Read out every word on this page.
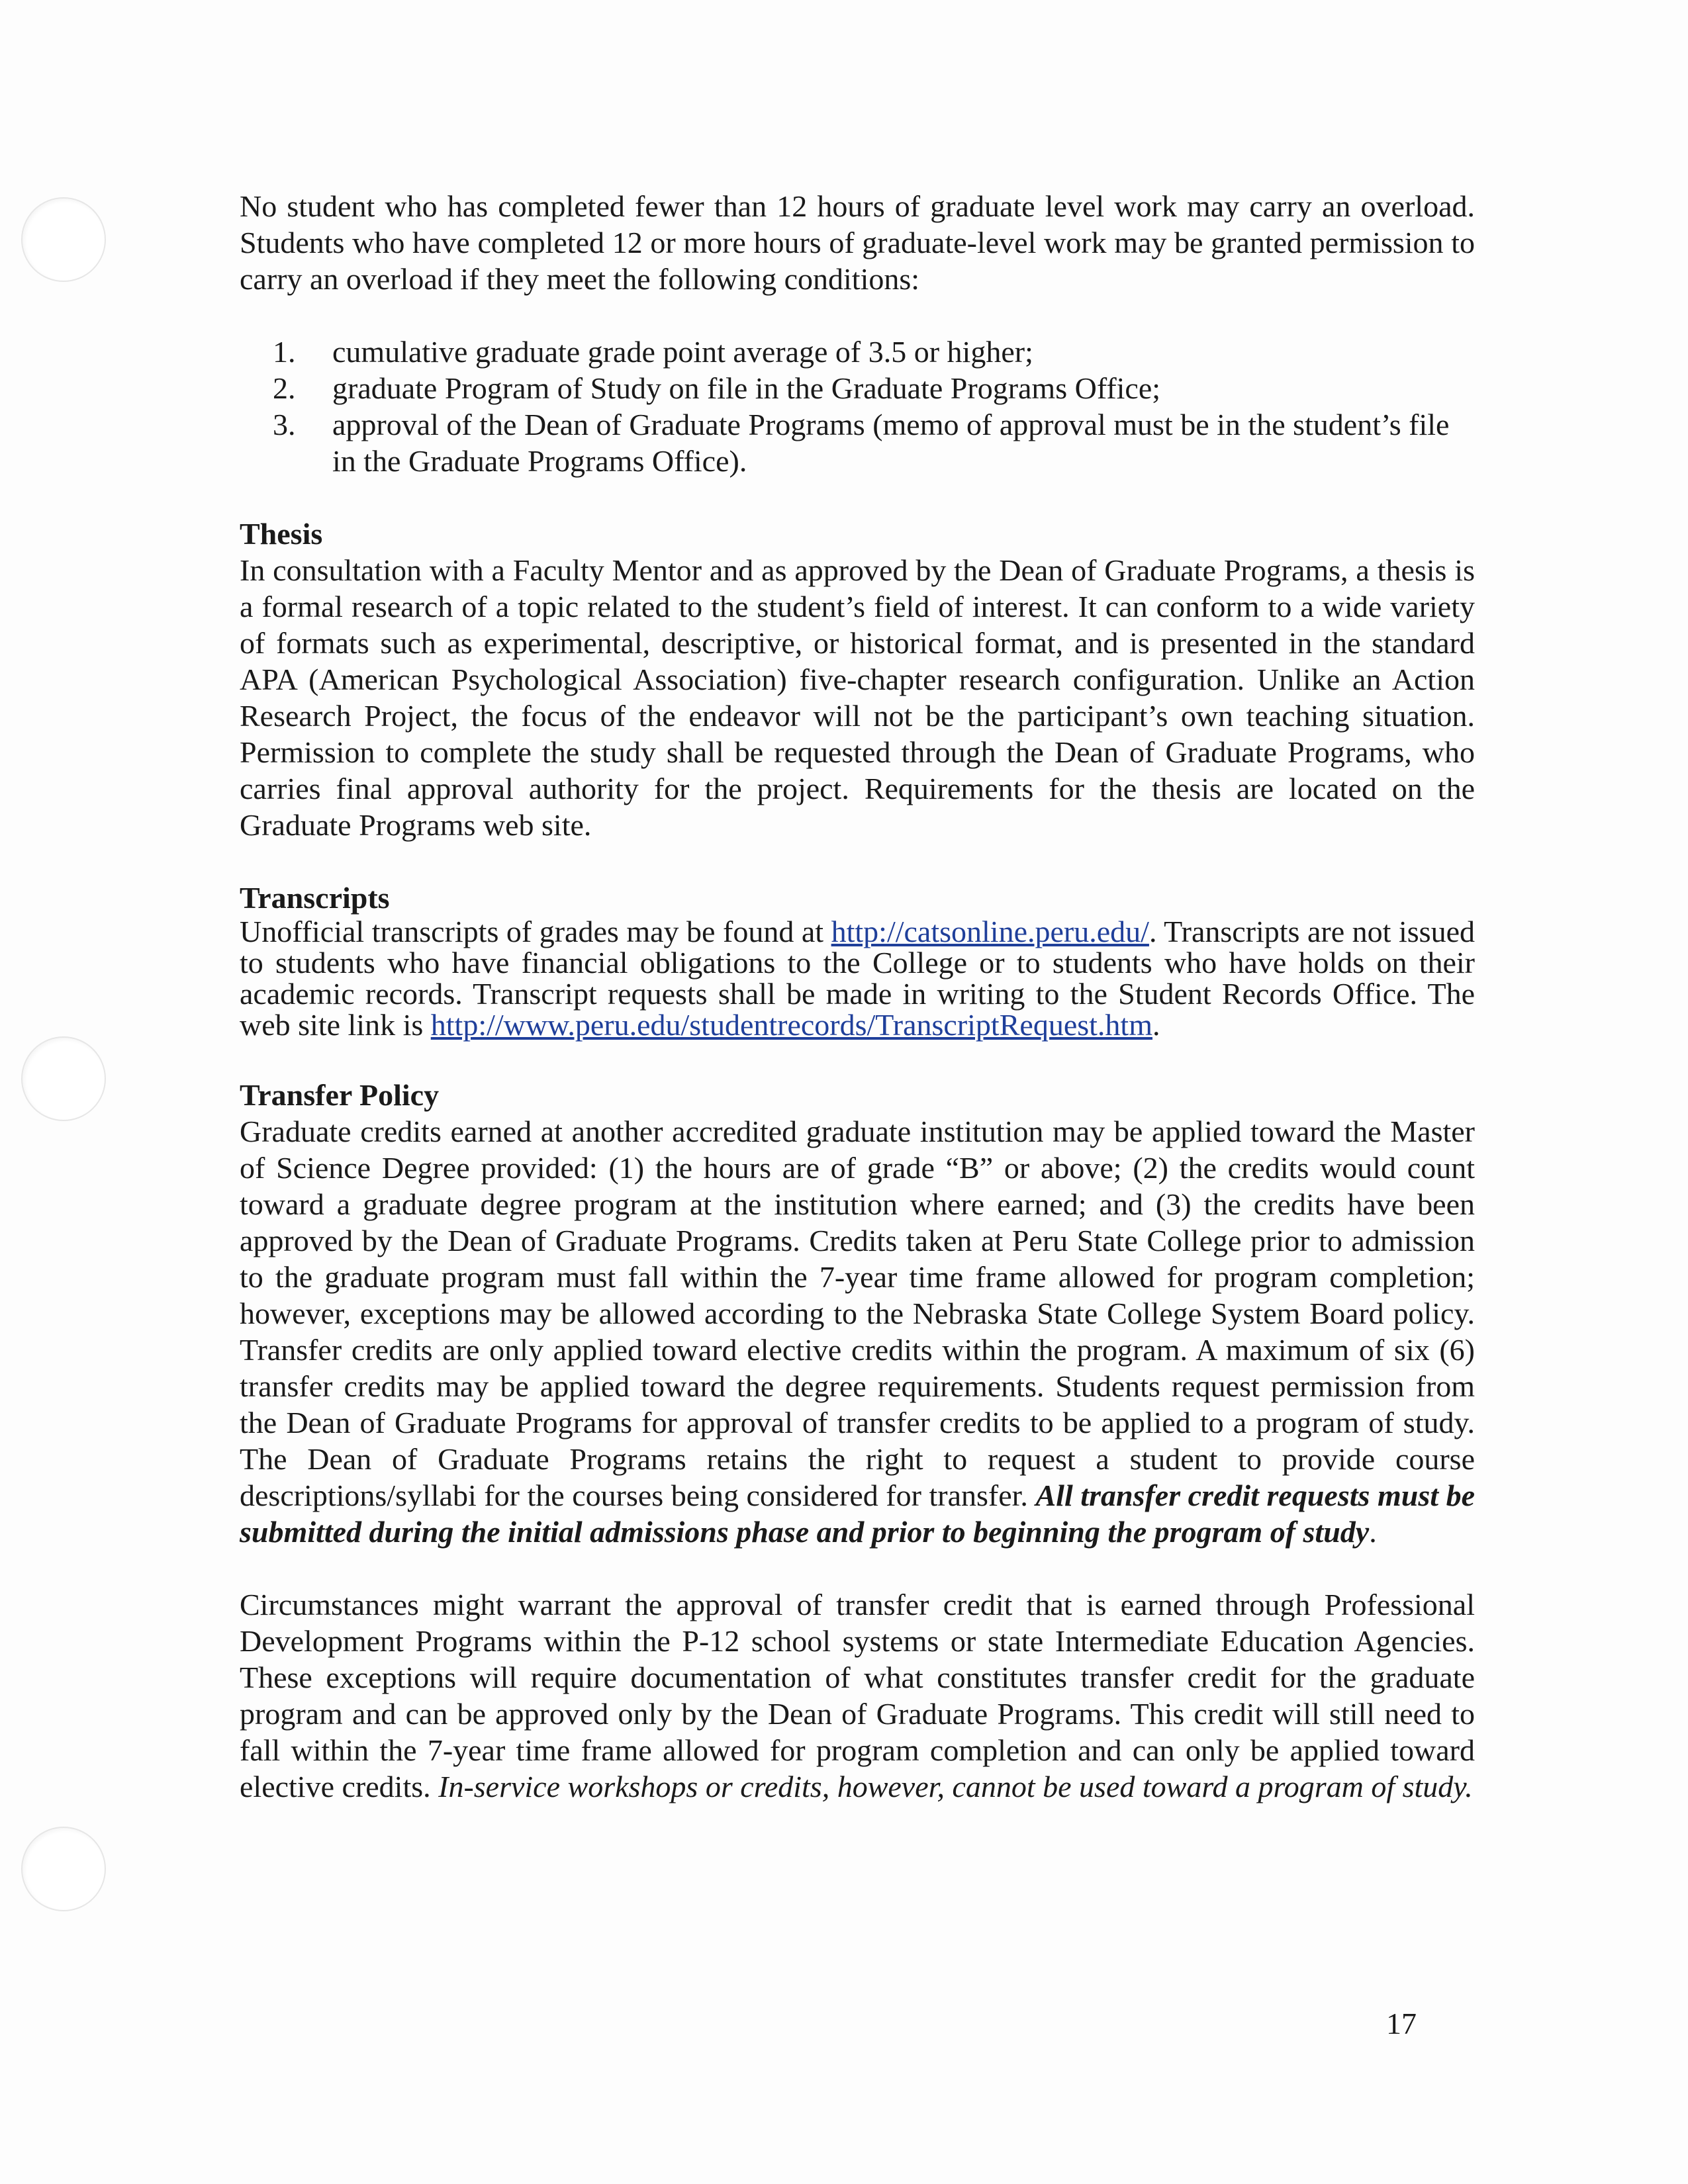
No student who has completed fewer than 12 hours of graduate level work may carry an overload. Students who have completed 12 or more hours of graduate-level work may be granted permission to carry an overload if they meet the following conditions:

1. cumulative graduate grade point average of 3.5 or higher;
2. graduate Program of Study on file in the Graduate Programs Office;
3. approval of the Dean of Graduate Programs (memo of approval must be in the student’s file in the Graduate Programs Office).
Thesis

In consultation with a Faculty Mentor and as approved by the Dean of Graduate Programs, a thesis is a formal research of a topic related to the student’s field of interest. It can conform to a wide variety of formats such as experimental, descriptive, or historical format, and is presented in the standard APA (American Psychological Association) five-chapter research configuration. Unlike an Action Research Project, the focus of the endeavor will not be the participant’s own teaching situation. Permission to complete the study shall be requested through the Dean of Graduate Programs, who carries final approval authority for the project. Requirements for the thesis are located on the Graduate Programs web site.

Transcripts

Unofficial transcripts of grades may be found at http://catsonline.peru.edu/. Transcripts are not issued to students who have financial obligations to the College or to students who have holds on their academic records. Transcript requests shall be made in writing to the Student Records Office. The web site link is http://www.peru.edu/studentrecords/TranscriptRequest.htm.

Transfer Policy

Graduate credits earned at another accredited graduate institution may be applied toward the Master of Science Degree provided: (1) the hours are of grade “B” or above; (2) the credits would count toward a graduate degree program at the institution where earned; and (3) the credits have been approved by the Dean of Graduate Programs. Credits taken at Peru State College prior to admission to the graduate program must fall within the 7-year time frame allowed for program completion; however, exceptions may be allowed according to the Nebraska State College System Board policy. Transfer credits are only applied toward elective credits within the program. A maximum of six (6) transfer credits may be applied toward the degree requirements. Students request permission from the Dean of Graduate Programs for approval of transfer credits to be applied to a program of study. The Dean of Graduate Programs retains the right to request a student to provide course descriptions/syllabi for the courses being considered for transfer. All transfer credit requests must be submitted during the initial admissions phase and prior to beginning the program of study.

Circumstances might warrant the approval of transfer credit that is earned through Professional Development Programs within the P-12 school systems or state Intermediate Education Agencies. These exceptions will require documentation of what constitutes transfer credit for the graduate program and can be approved only by the Dean of Graduate Programs. This credit will still need to fall within the 7-year time frame allowed for program completion and can only be applied toward elective credits. In-service workshops or credits, however, cannot be used toward a program of study.

17
